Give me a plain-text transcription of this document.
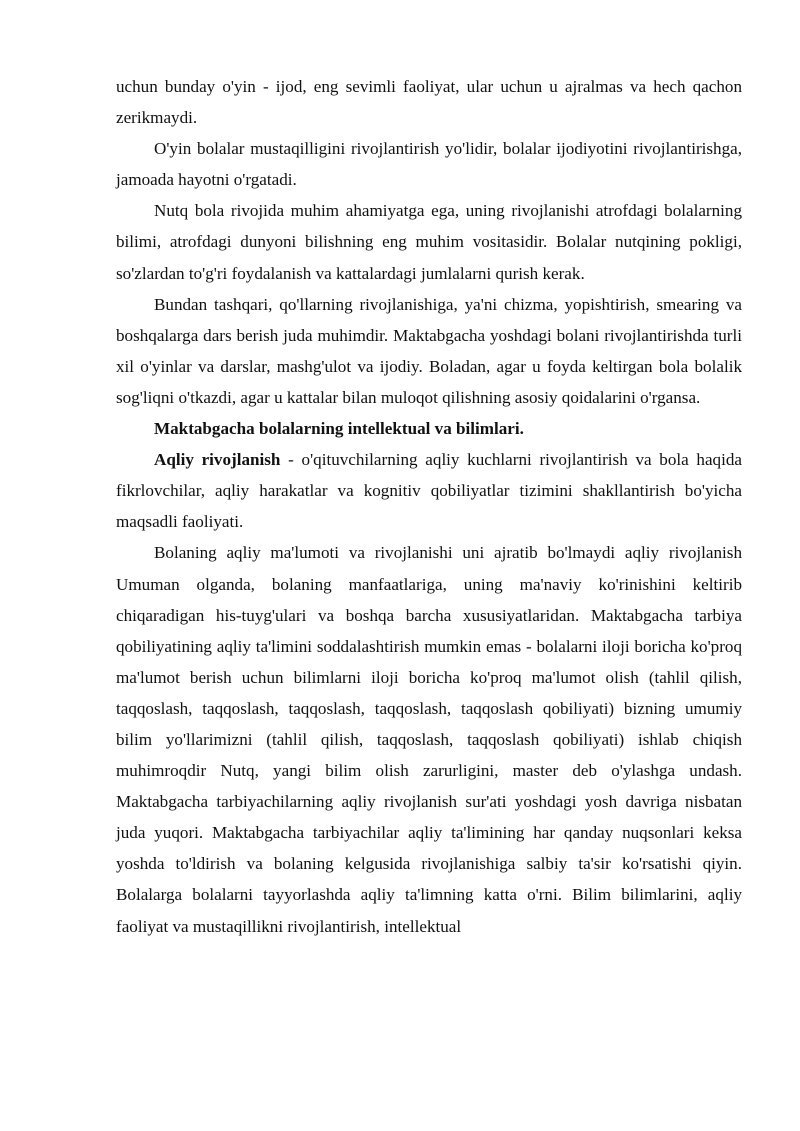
uchun bunday o'yin - ijod, eng sevimli faoliyat, ular uchun u ajralmas va hech qachon zerikmaydi.

O'yin bolalar mustaqilligini rivojlantirish yo'lidir, bolalar ijodiyotini rivojlantirishga, jamoada hayotni o'rgatadi.

Nutq bola rivojida muhim ahamiyatga ega, uning rivojlanishi atrofdagi bolalarning bilimi, atrofdagi dunyoni bilishning eng muhim vositasidir. Bolalar nutqining pokligi, so'zlardan to'g'ri foydalanish va kattalardagi jumlalarni qurish kerak.

Bundan tashqari, qo'llarning rivojlanishiga, ya'ni chizma, yopishtirish, smearing va boshqalarga dars berish juda muhimdir. Maktabgacha yoshdagi bolani rivojlantirishda turli xil o'yinlar va darslar, mashg'ulot va ijodiy. Boladan, agar u foyda keltirgan bola bolalik sog'liqni o'tkazdi, agar u kattalar bilan muloqot qilishning asosiy qoidalarini o'rgansa.

Maktabgacha bolalarning intellektual va bilimlari.

Aqliy rivojlanish - o'qituvchilarning aqliy kuchlarni rivojlantirish va bola haqida fikrlovchilar, aqliy harakatlar va kognitiv qobiliyatlar tizimini shakllantirish bo'yicha maqsadli faoliyati.

Bolaning aqliy ma'lumoti va rivojlanishi uni ajratib bo'lmaydi aqliy rivojlanish Umuman olganda, bolaning manfaatlariga, uning ma'naviy ko'rinishini keltirib chiqaradigan his-tuyg'ulari va boshqa barcha xususiyatlaridan. Maktabgacha tarbiya qobiliyatining aqliy ta'limini soddalashtirish mumkin emas - bolalarni iloji boricha ko'proq ma'lumot berish uchun bilimlarni iloji boricha ko'proq ma'lumot olish (tahlil qilish, taqqoslash, taqqoslash, taqqoslash, taqqoslash, taqqoslash qobiliyati) bizning umumiy bilim yo'llarimizni (tahlil qilish, taqqoslash, taqqoslash qobiliyati) ishlab chiqish muhimroqdir Nutq, yangi bilim olish zarurligini, master deb o'ylashga undash. Maktabgacha tarbiyachilarning aqliy rivojlanish sur'ati yoshdagi yosh davriga nisbatan juda yuqori. Maktabgacha tarbiyachilar aqliy ta'limining har qanday nuqsonlari keksa yoshda to'ldirish va bolaning kelgusida rivojlanishiga salbiy ta'sir ko'rsatishi qiyin. Bolalarga bolalarni tayyorlashda aqliy ta'limning katta o'rni. Bilim bilimlarini, aqliy faoliyat va mustaqillikni rivojlantirish, intellektual
